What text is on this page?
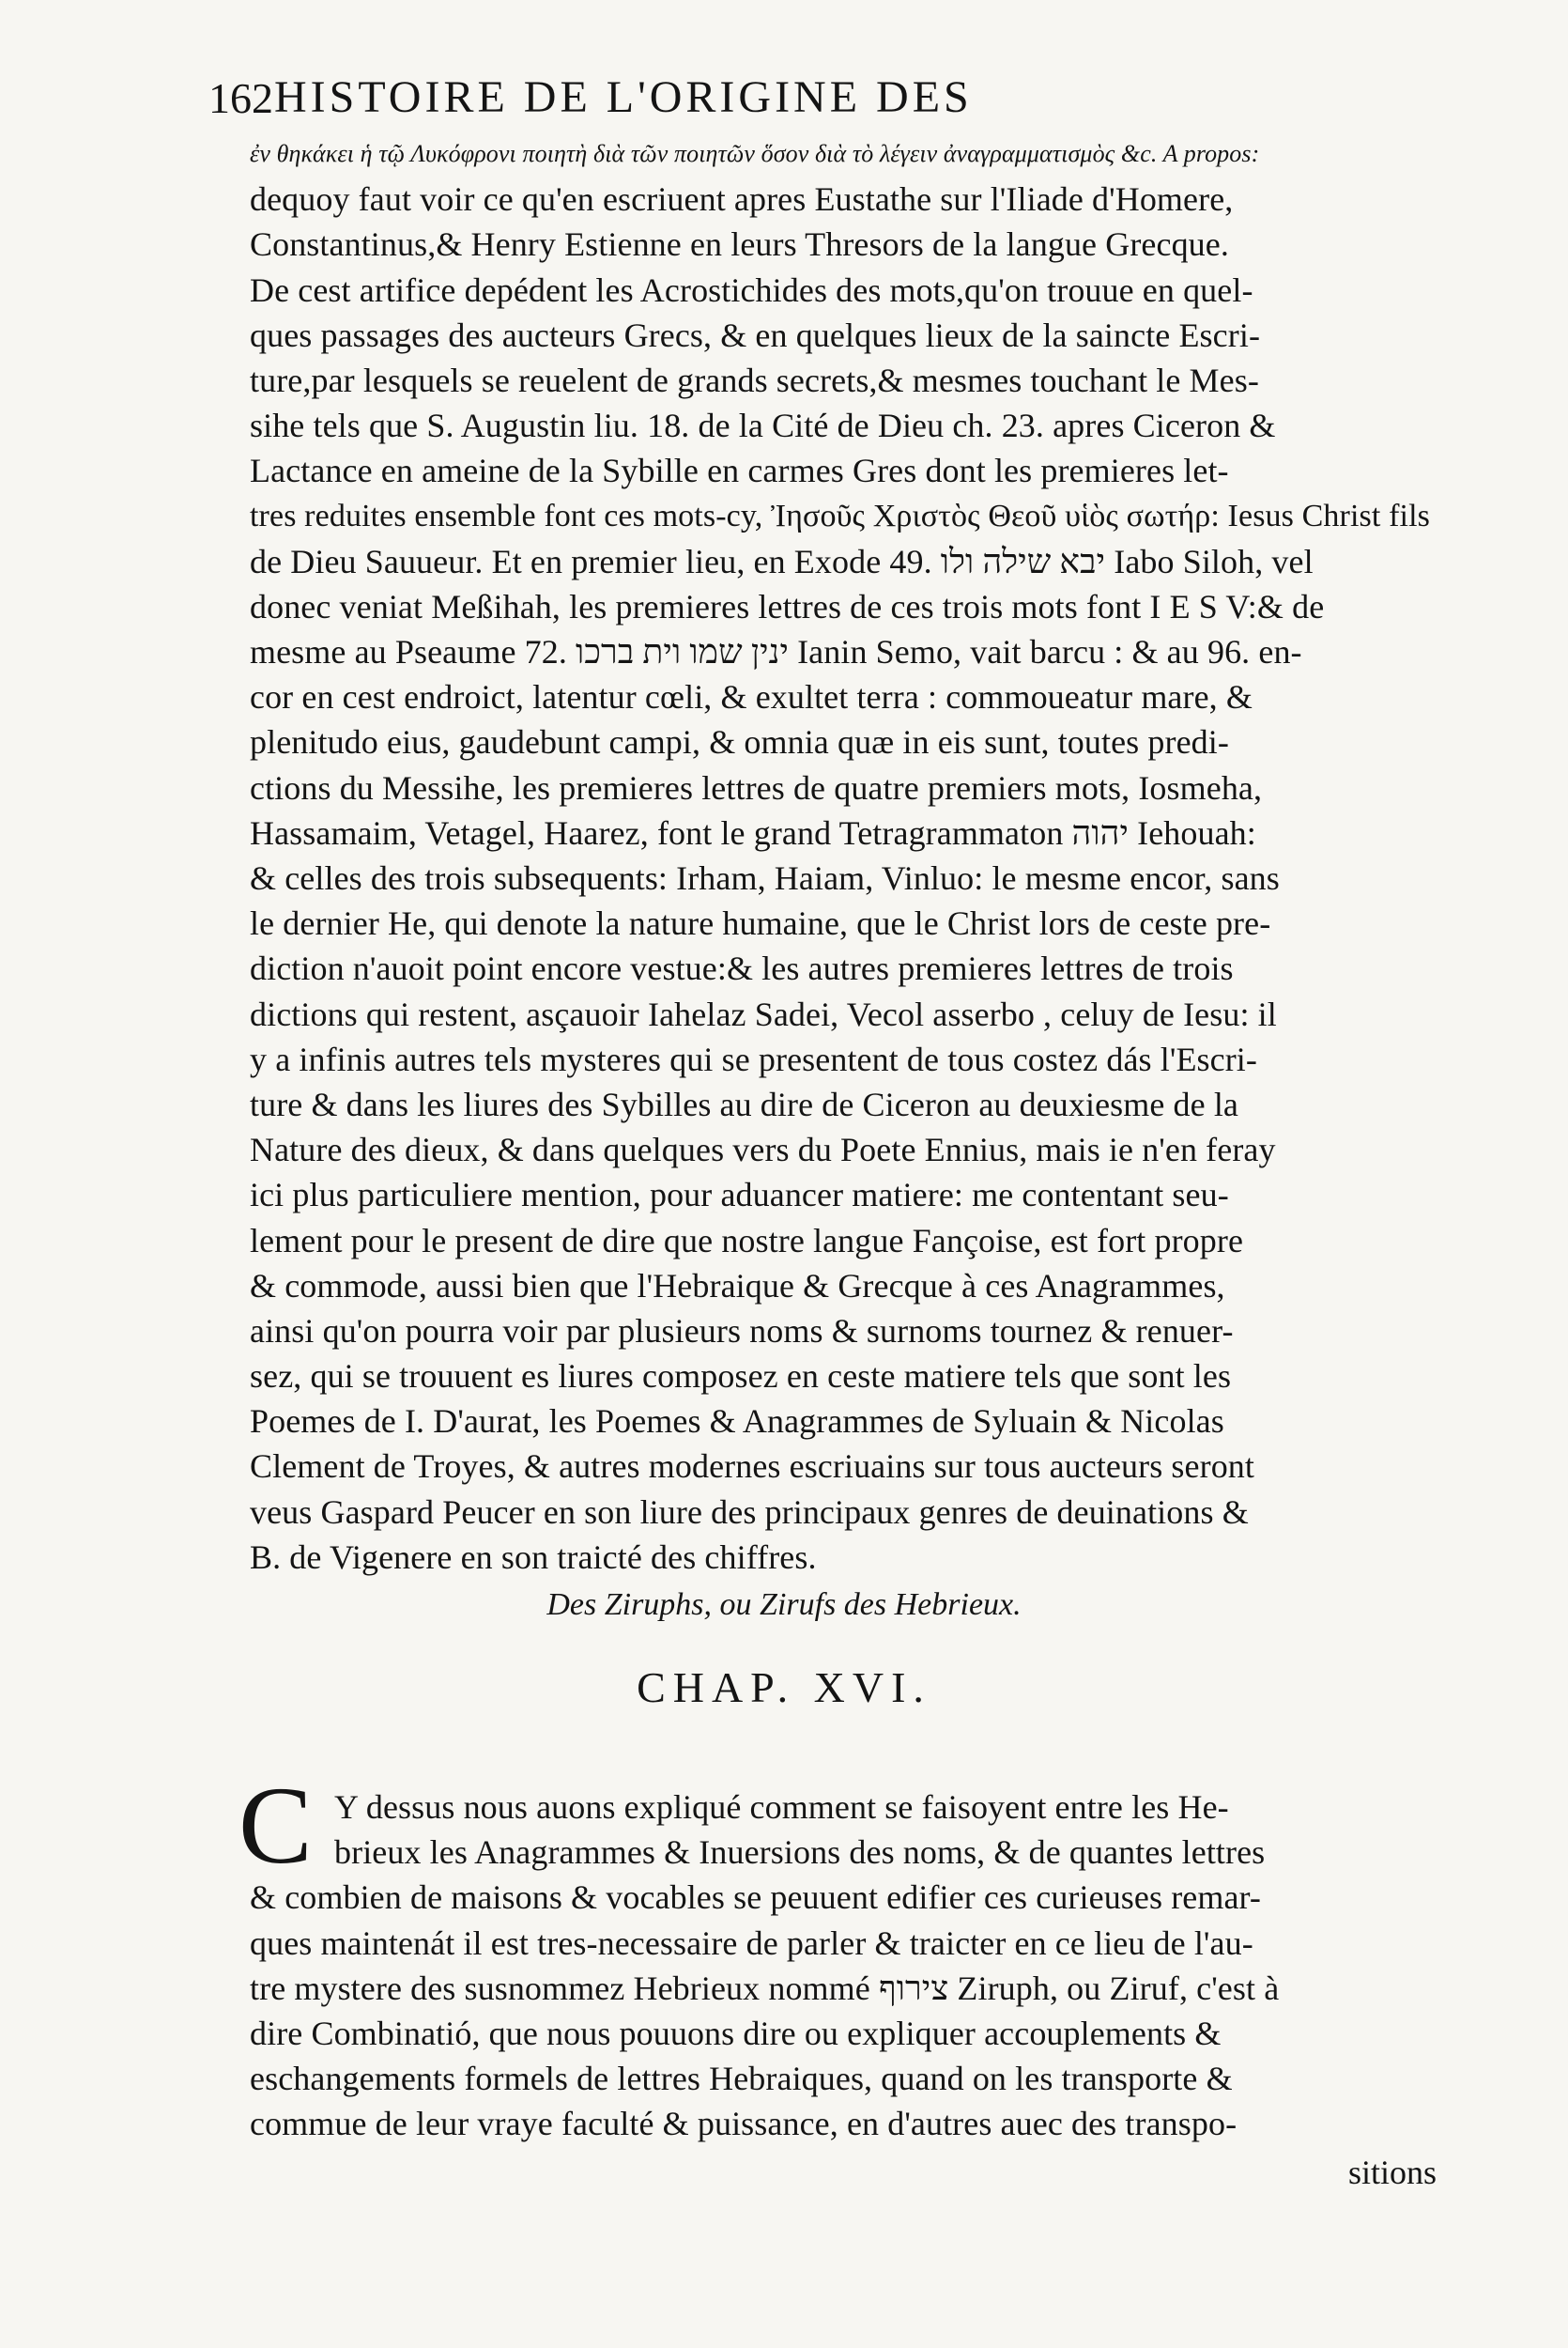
162 HISTOIRE DE L'ORIGINE DES
ἐν θηκάκει ἡ τῷ Λυκόφρονι ποιητὴ διὰ τῶν ποιητῶν ὅσον διὰ τὸ λέγειν ἀναγραμματισμὸς &c. A propos:
dequoy faut voir ce qu'en escriuent apres Eustathe sur l'Iliade d'Homere,
Constantinus,& Henry Estienne en leurs Thresors de la langue Grecque.
De cest artifice depédent les Acrostichides des mots,qu'on trouue en quel-
ques passages des aucteurs Grecs, & en quelques lieux de la saincte Escri-
ture,par lesquels se reuelent de grands secrets,& mesmes touchant le Mes-
sihe tels que S. Augustin liu. 18. de la Cité de Dieu ch. 23. apres Ciceron &
Lactance en ameine de la Sybille en carmes Gres dont les premieres let-
tres reduites ensemble font ces mots-cy, Ἰησοῦς Χριστὸς Θεοῦ υἱὸς σωτήρ: Iesus Christ fils
de Dieu Sauueur. Et en premier lieu, en Exode 49. יבא שילה ולו Iabo Siloh, vel
donec veniat Meßihah, les premieres lettres de ces trois mots font I E S V:& de
mesme au Pseaume 72. ינין שמו וית ברכו Ianin Semo, vait barcu : & au 96. en-
cor en cest endroict, latentur cœli, & exultet terra : commoueatur mare, &
plenitudo eius, gaudebunt campi, & omnia quæ in eis sunt, toutes predi-
ctions du Messihe, les premieres lettres de quatre premiers mots, Iosmeha,
Hassamaim, Vetagel, Haarez, font le grand Tetragrammaton יהוה Iehouah:
& celles des trois subsequents: Irham, Haiam, Vinluo: le mesme encor, sans
le dernier He, qui denote la nature humaine, que le Christ lors de ceste pre-
diction n'auoit point encore vestue:& les autres premieres lettres de trois
dictions qui restent, asçauoir Iahelaz Sadei, Vecol asserbo , celuy de Iesu: il
y a infinis autres tels mysteres qui se presentent de tous costez dás l'Escri-
ture & dans les liures des Sybilles au dire de Ciceron au deuxiesme de la
Nature des dieux, & dans quelques vers du Poete Ennius, mais ie n'en feray
ici plus particuliere mention, pour aduancer matiere: me contentant seu-
lement pour le present de dire que nostre langue Fançoise, est fort propre
& commode, aussi bien que l'Hebraique & Grecque à ces Anagrammes,
ainsi qu'on pourra voir par plusieurs noms & surnoms tournez & renuer-
sez, qui se trouuent es liures composez en ceste matiere tels que sont les
Poemes de I. D'aurat, les Poemes & Anagrammes de Syluain & Nicolas
Clement de Troyes, & autres modernes escriuains sur tous aucteurs seront
veus Gaspard Peucer en son liure des principaux genres de deuinations &
B. de Vigenere en son traicté des chiffres.
Des Ziruphs, ou Zirufs des Hebrieux.
CHAP. XVI.
C Y dessus nous auons expliqué comment se faisoyent entre les He-
brieux les Anagrammes & Inuersions des noms, & de quantes lettres
& combien de maisons & vocables se peuuent edifier ces curieuses remar-
ques maintenát il est tres-necessaire de parler & traicter en ce lieu de l'au-
tre mystere des susnommez Hebrieux nommé צירוף Ziruph, ou Ziruf, c'est à
dire Combinatió, que nous pouuons dire ou expliquer accouplements &
eschangements formels de lettres Hebraiques, quand on les transporte &
commue de leur vraye faculté & puissance, en d'autres auec des transpo-
sitions
